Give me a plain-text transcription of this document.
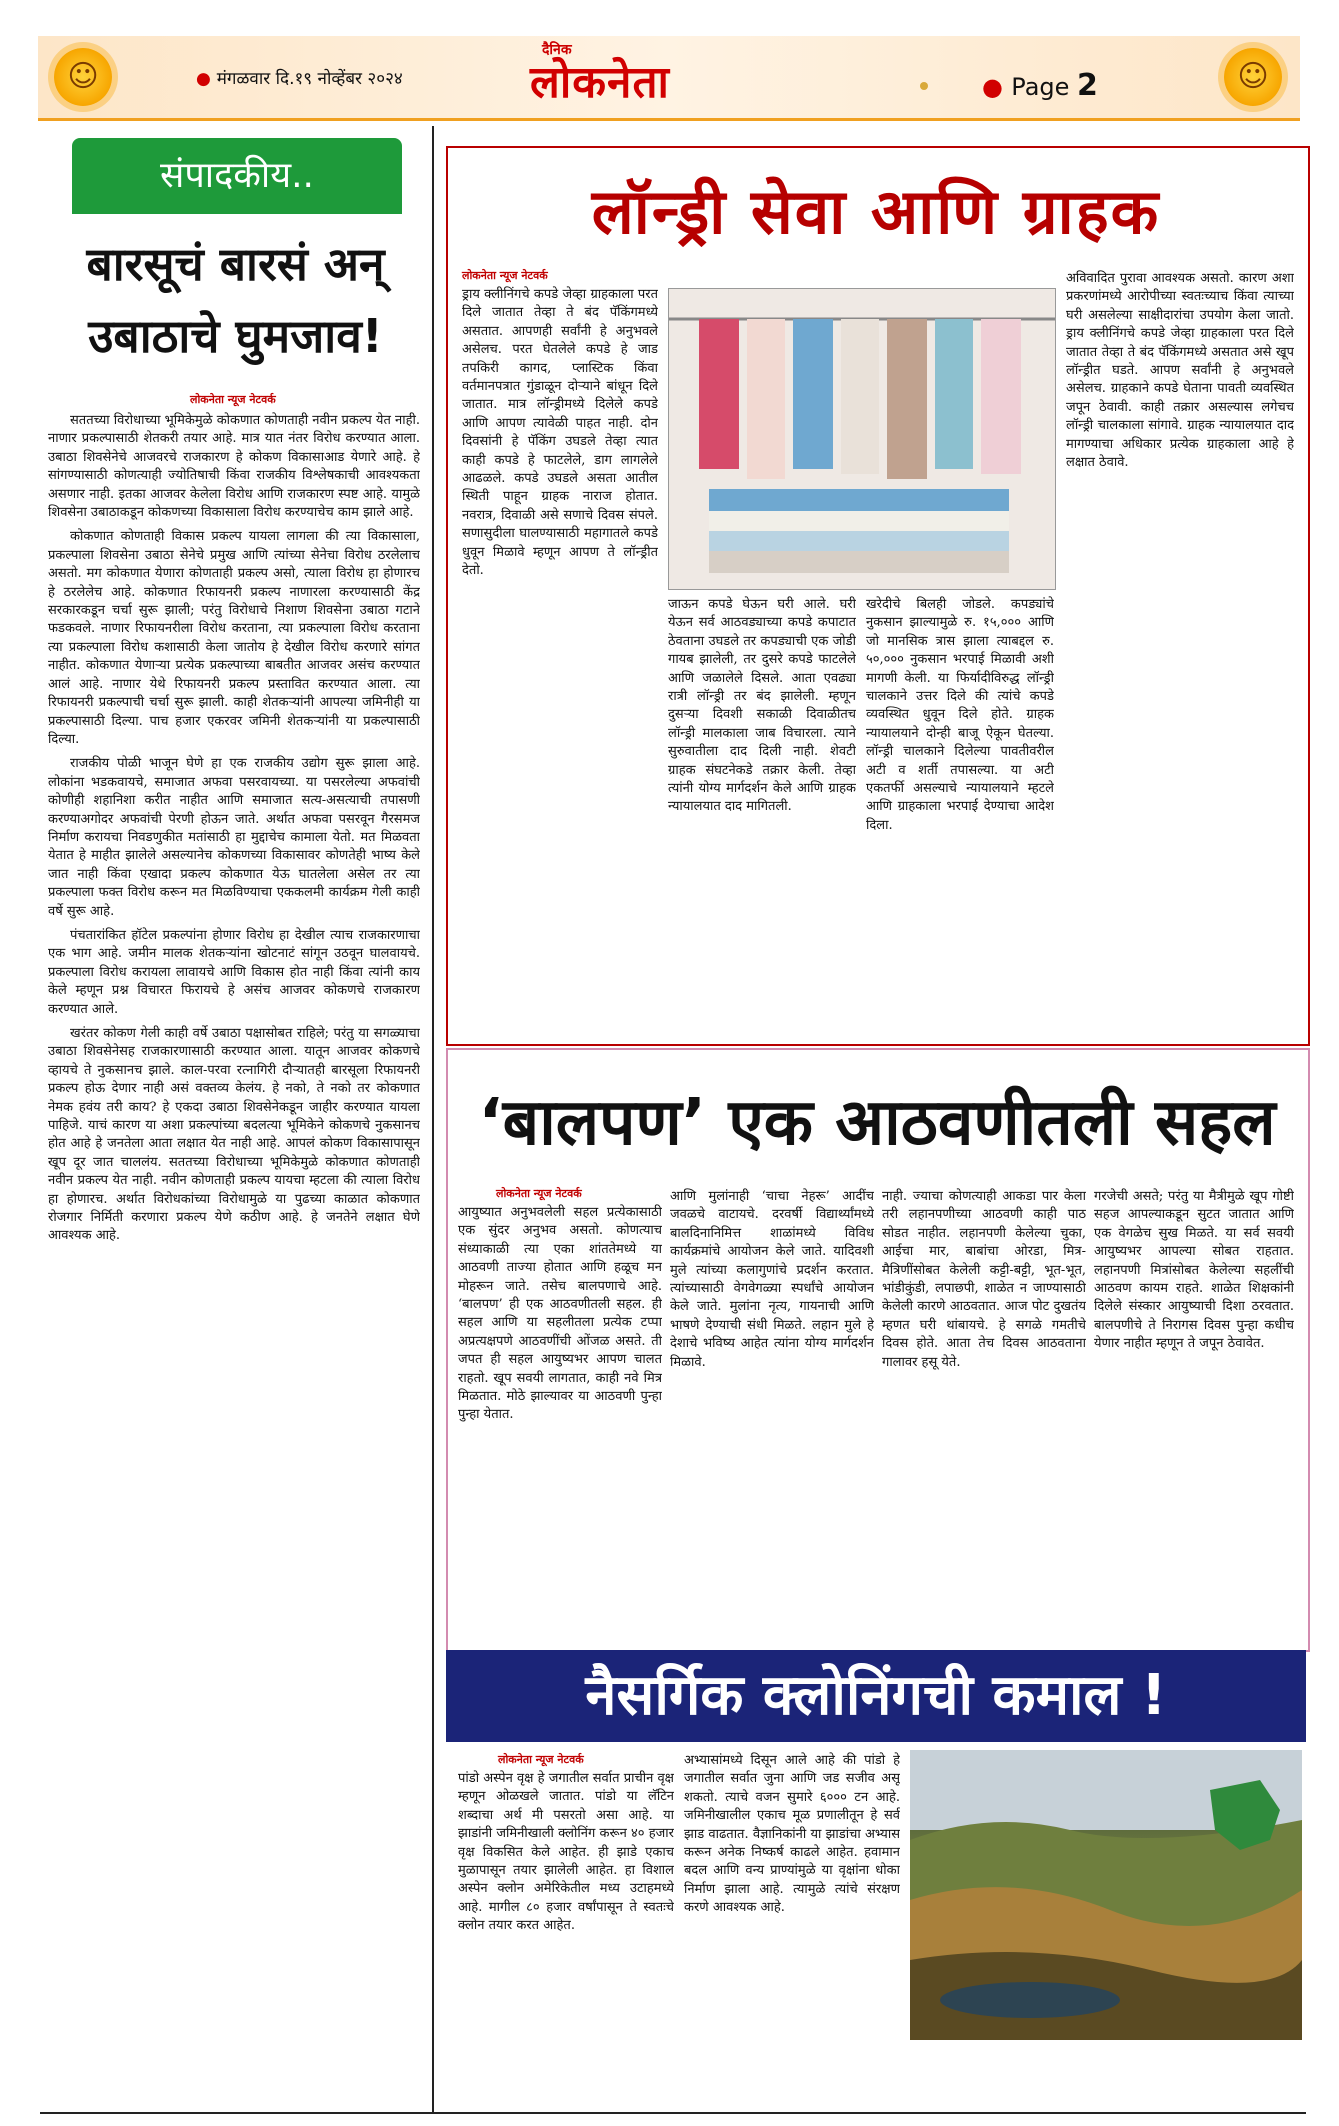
☺	☺
● मंगळवार दि.१९ नोव्हेंबर २०२४
दैनिक
लोकनेता	● Page 2
संपादकीय..
बारसूचं बारसं अन्
उबाठाचे घुमजाव!
लोकनेता न्यूज नेटवर्क

सततच्या विरोधाच्या भूमिकेमुळे कोकणात कोणताही नवीन प्रकल्प येत नाही. नाणार प्रकल्पासाठी शेतकरी तयार आहे. मात्र यात नंतर विरोध करण्यात आला. उबाठा शिवसेनेचे आजवरचे राजकारण हे कोकण विकासाआड येणारे आहे. हे सांगण्यासाठी कोणत्याही ज्योतिषाची किंवा राजकीय विश्लेषकाची आवश्यकता असणार नाही. इतका आजवर केलेला विरोध आणि राजकारण स्पष्ट आहे. यामुळे शिवसेना उबाठाकडून कोकणच्या विकासाला विरोध करण्याचेच काम झाले आहे.

कोकणात कोणताही विकास प्रकल्प यायला लागला की त्या विकासाला, प्रकल्पाला शिवसेना उबाठा सेनेचे प्रमुख आणि त्यांच्या सेनेचा विरोध ठरलेलाच असतो. मग कोकणात येणारा कोणताही प्रकल्प असो, त्याला विरोध हा होणारच हे ठरलेलेच आहे. कोकणात रिफायनरी प्रकल्प नाणारला करण्यासाठी केंद्र सरकारकडून चर्चा सुरू झाली; परंतु विरोधाचे निशाण शिवसेना उबाठा गटाने फडकवले. नाणार रिफायनरीला विरोध करताना, त्या प्रकल्पाला विरोध करताना त्या प्रकल्पाला विरोध कशासाठी केला जातोय हे देखील विरोध करणारे सांगत नाहीत. कोकणात येणाऱ्या प्रत्येक प्रकल्पाच्या बाबतीत आजवर असंच करण्यात आलं आहे. नाणार येथे रिफायनरी प्रकल्प प्रस्तावित करण्यात आला. त्या रिफायनरी प्रकल्पाची चर्चा सुरू झाली. काही शेतकऱ्यांनी आपल्या जमिनीही या प्रकल्पासाठी दिल्या. पाच हजार एकरवर जमिनी शेतकऱ्यांनी या प्रकल्पासाठी दिल्या.

राजकीय पोळी भाजून घेणे हा एक राजकीय उद्योग सुरू झाला आहे. लोकांना भडकवायचे, समाजात अफवा पसरवायच्या. या पसरलेल्या अफवांची कोणीही शहानिशा करीत नाहीत आणि समाजात सत्य-असत्याची तपासणी करण्याअगोदर अफवांची पेरणी होऊन जाते. अर्थात अफवा पसरवून गैरसमज निर्माण करायचा निवडणुकीत मतांसाठी हा मुद्दाचेच कामाला येतो. मत मिळवता येतात हे माहीत झालेले असल्यानेच कोकणच्या विकासावर कोणतेही भाष्य केले जात नाही किंवा एखादा प्रकल्प कोकणात येऊ घातलेला असेल तर त्या प्रकल्पाला फक्त विरोध करून मत मिळविण्याचा एककलमी कार्यक्रम गेली काही वर्षे सुरू आहे.

पंचतारांकित हॉटेल प्रकल्पांना होणार विरोध हा देखील त्याच राजकारणाचा एक भाग आहे. जमीन मालक शेतकऱ्यांना खोटनाटं सांगून उठवून घालवायचे. प्रकल्पाला विरोध करायला लावायचे आणि विकास होत नाही किंवा त्यांनी काय केले म्हणून प्रश्न विचारत फिरायचे हे असंच आजवर कोकणचे राजकारण करण्यात आले.

खरंतर कोकण गेली काही वर्षे उबाठा पक्षासोबत राहिले; परंतु या सगळ्याचा उबाठा शिवसेनेसह राजकारणासाठी करण्यात आला. यातून आजवर कोकणचे व्हायचे ते नुकसानच झाले. काल-परवा रत्नागिरी दौऱ्यातही बारसूला रिफायनरी प्रकल्प होऊ देणार नाही असं वक्तव्य केलंय. हे नको, ते नको तर कोकणात नेमक हवंय तरी काय? हे एकदा उबाठा शिवसेनेकडून जाहीर करण्यात यायला पाहिजे. याचं कारण या अशा प्रकल्पांच्या बदलत्या भूमिकेने कोकणचे नुकसानच होत आहे हे जनतेला आता लक्षात येत नाही आहे. आपलं कोकण विकासापासून खूप दूर जात चाललंय. सततच्या विरोधाच्या भूमिकेमुळे कोकणात कोणताही नवीन प्रकल्प येत नाही. नवीन कोणताही प्रकल्प यायचा म्हटला की त्याला विरोध हा होणारच. अर्थात विरोधकांच्या विरोधामुळे या पुढच्या काळात कोकणात रोजगार निर्मिती करणारा प्रकल्प येणे कठीण आहे. हे जनतेने लक्षात घेणे आवश्यक आहे.

लॉन्ड्री सेवा आणि ग्राहक
लोकनेता न्यूज नेटवर्क
ड्राय क्लीनिंगचे कपडे जेव्हा ग्राहकाला परत दिले जातात तेव्हा ते बंद पॅकिंगमध्ये असतात. आपणही सर्वांनी हे अनुभवले असेलच. परत घेतलेले कपडे हे जाड तपकिरी कागद, प्लास्टिक किंवा वर्तमानपत्रात गुंडाळून दोऱ्याने बांधून दिले जातात. मात्र लॉन्ड्रीमध्ये दिलेले कपडे आणि आपण त्यावेळी पाहत नाही. दोन दिवसांनी हे पॅकिंग उघडले तेव्हा त्यात काही कपडे हे फाटलेले, डाग लागलेले आढळले. कपडे उघडले असता आतील स्थिती पाहून ग्राहक नाराज होतात. नवरात्र, दिवाळी असे सणाचे दिवस संपले. सणासुदीला घालण्यासाठी महागातले कपडे धुवून मिळावे म्हणून आपण ते लॉन्ड्रीत देतो.
जाऊन कपडे घेऊन घरी आले. घरी येऊन सर्व आठवड्याच्या कपडे कपाटात ठेवताना उघडले तर कपड्याची एक जोडी गायब झालेली, तर दुसरे कपडे फाटलेले आणि जळालेले दिसले. आता एवढ्या रात्री लॉन्ड्री तर बंद झालेली. म्हणून दुसऱ्या दिवशी सकाळी दिवाळीतच लॉन्ड्री मालकाला जाब विचारला. त्याने सुरुवातीला दाद दिली नाही. शेवटी ग्राहक संघटनेकडे तक्रार केली. तेव्हा त्यांनी योग्य मार्गदर्शन केले आणि ग्राहक न्यायालयात दाद मागितली.
खरेदीचे बिलही जोडले. कपड्यांचे नुकसान झाल्यामुळे रु. १५,००० आणि जो मानसिक त्रास झाला त्याबद्दल रु. ५०,००० नुकसान भरपाई मिळावी अशी मागणी केली. या फिर्यादीविरुद्ध लॉन्ड्री चालकाने उत्तर दिले की त्यांचे कपडे व्यवस्थित धुवून दिले होते. ग्राहक न्यायालयाने दोन्ही बाजू ऐकून घेतल्या. लॉन्ड्री चालकाने दिलेल्या पावतीवरील अटी व शर्ती तपासल्या. या अटी एकतर्फी असल्याचे न्यायालयाने म्हटले आणि ग्राहकाला भरपाई देण्याचा आदेश दिला.
अविवादित पुरावा आवश्यक असतो. कारण अशा प्रकरणांमध्ये आरोपीच्या स्वतःच्याच किंवा त्याच्या घरी असलेल्या साक्षीदारांचा उपयोग केला जातो. ड्राय क्लीनिंगचे कपडे जेव्हा ग्राहकाला परत दिले जातात तेव्हा ते बंद पॅकिंगमध्ये असतात असे खूप लॉन्ड्रीत घडते. आपण सर्वांनी हे अनुभवले असेलच. ग्राहकाने कपडे घेताना पावती व्यवस्थित जपून ठेवावी. काही तक्रार असल्यास लगेचच लॉन्ड्री चालकाला सांगावे. ग्राहक न्यायालयात दाद मागण्याचा अधिकार प्रत्येक ग्राहकाला आहे हे लक्षात ठेवावे.
‘बालपण’ एक आठवणीतली सहल
लोकनेता न्यूज नेटवर्क
आयुष्यात अनुभवलेली सहल प्रत्येकासाठी एक सुंदर अनुभव असतो. कोणत्याच संध्याकाळी त्या एका शांततेमध्ये या आठवणी ताज्या होतात आणि हळूच मन मोहरून जाते. तसेच बालपणाचे आहे. ‘बालपण’ ही एक आठवणीतली सहल. ही सहल आणि या सहलीतला प्रत्येक टप्पा अप्रत्यक्षपणे आठवणींची ओंजळ असते. ती जपत ही सहल आयुष्यभर आपण चालत राहतो. खूप सवयी लागतात, काही नवे मित्र मिळतात. मोठे झाल्यावर या आठवणी पुन्हा पुन्हा येतात.
आणि मुलांनाही ‘चाचा नेहरू’ आदींच जवळचे वाटायचे. दरवर्षी विद्यार्थ्यांमध्ये बालदिनानिमित्त शाळांमध्ये विविध कार्यक्रमांचे आयोजन केले जाते. यादिवशी मुले त्यांच्या कलागुणांचे प्रदर्शन करतात. त्यांच्यासाठी वेगवेगळ्या स्पर्धांचे आयोजन केले जाते. मुलांना नृत्य, गायनाची आणि भाषणे देण्याची संधी मिळते. लहान मुले हे देशाचे भविष्य आहेत त्यांना योग्य मार्गदर्शन मिळावे.
नाही. ज्याचा कोणत्याही आकडा पार केला तरी लहानपणीच्या आठवणी काही पाठ सोडत नाहीत. लहानपणी केलेल्या चुका, आईचा मार, बाबांचा ओरडा, मित्र-मैत्रिणींसोबत केलेली कट्टी-बट्टी, भूत-भूत, भांडीकुंडी, लपाछपी, शाळेत न जाण्यासाठी केलेली कारणे आठवतात. आज पोट दुखतंय म्हणत घरी थांबायचे. हे सगळे गमतीचे दिवस होते. आता तेच दिवस आठवताना गालावर हसू येते.
गरजेची असते; परंतु या मैत्रीमुळे खूप गोष्टी सहज आपल्याकडून सुटत जातात आणि एक वेगळेच सुख मिळते. या सर्व सवयी आयुष्यभर आपल्या सोबत राहतात. लहानपणी मित्रांसोबत केलेल्या सहलींची आठवण कायम राहते. शाळेत शिक्षकांनी दिलेले संस्कार आयुष्याची दिशा ठरवतात. बालपणीचे ते निरागस दिवस पुन्हा कधीच येणार नाहीत म्हणून ते जपून ठेवावेत.
नैसर्गिक क्लोनिंगची कमाल !
लोकनेता न्यूज नेटवर्क
पांडो अस्पेन वृक्ष हे जगातील सर्वात प्राचीन वृक्ष म्हणून ओळखले जातात. पांडो या लॅटिन शब्दाचा अर्थ मी पसरतो असा आहे. या झाडांनी जमिनीखाली क्लोनिंग करून ४० हजार वृक्ष विकसित केले आहेत. ही झाडे एकाच मुळापासून तयार झालेली आहेत. हा विशाल अस्पेन क्लोन अमेरिकेतील मध्य उटाहमध्ये आहे. मागील ८० हजार वर्षांपासून ते स्वतःचे क्लोन तयार करत आहेत.
अभ्यासांमध्ये दिसून आले आहे की पांडो हे जगातील सर्वात जुना आणि जड सजीव असू शकतो. त्याचे वजन सुमारे ६००० टन आहे. जमिनीखालील एकाच मूळ प्रणालीतून हे सर्व झाड वाढतात. वैज्ञानिकांनी या झाडांचा अभ्यास करून अनेक निष्कर्ष काढले आहेत. हवामान बदल आणि वन्य प्राण्यांमुळे या वृक्षांना धोका निर्माण झाला आहे. त्यामुळे त्यांचे संरक्षण करणे आवश्यक आहे.
